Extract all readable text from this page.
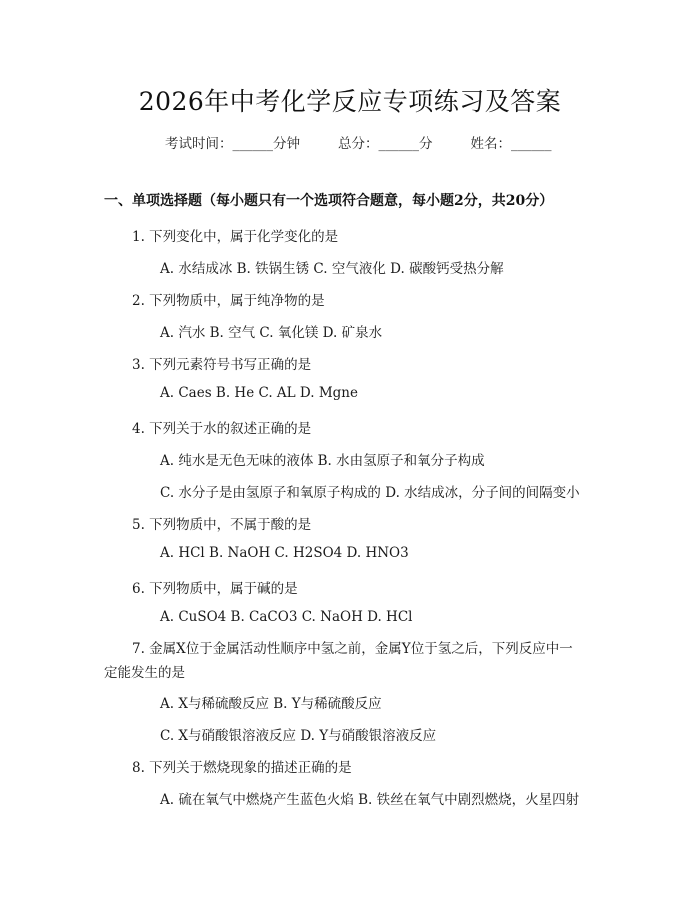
2026年中考化学反应专项练习及答案
考试时间：______分钟	总分：______分	姓名：______
一、单项选择题（每小题只有一个选项符合题意，每小题2分，共20分）
1. 下列变化中，属于化学变化的是
A. 水结成冰 B. 铁锅生锈 C. 空气液化 D. 碳酸钙受热分解
2. 下列物质中，属于纯净物的是
A. 汽水 B. 空气 C. 氧化镁 D. 矿泉水
3. 下列元素符号书写正确的是
A. Caes B. He C. AL D. Mgne
4. 下列关于水的叙述正确的是
A. 纯水是无色无味的液体 B. 水由氢原子和氧分子构成
C. 水分子是由氢原子和氧原子构成的 D. 水结成冰，分子间的间隔变小
5. 下列物质中，不属于酸的是
A. HCl B. NaOH C. H2SO4 D. HNO3
6. 下列物质中，属于碱的是
A. CuSO4 B. CaCO3 C. NaOH D. HCl
7. 金属X位于金属活动性顺序中氢之前，金属Y位于氢之后，下列反应中一
定能发生的是
A. X与稀硫酸反应 B. Y与稀硫酸反应
C. X与硝酸银溶液反应 D. Y与硝酸银溶液反应
8. 下列关于燃烧现象的描述正确的是
A. 硫在氧气中燃烧产生蓝色火焰 B. 铁丝在氧气中剧烈燃烧，火星四射
